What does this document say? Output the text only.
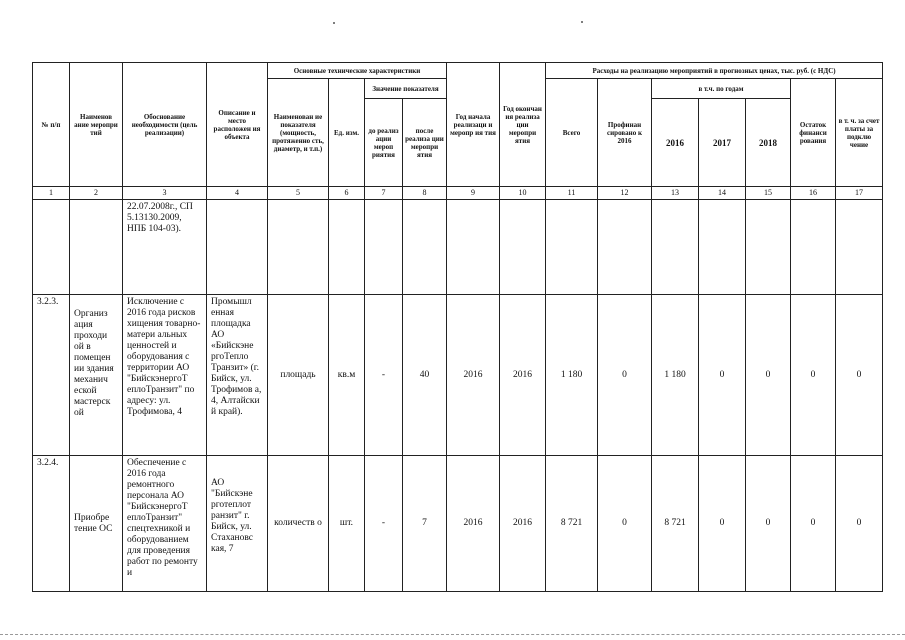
№ п/п	Наименов ание меропри тий	Обоснование необходимости (цель реализации)	Описание и место расположен ия объекта	Основные технические характеристики				Год начала реализаци и меропр ия тия	Год окончан ия реализа ции меропри ятия	Расходы на реализацию мероприятий в прогнозных ценах, тыс. руб. (с НДС)						
				Наименован ие показателя (мощность, протяженно сть, диаметр, и т.п.)	Ед. изм.	Значение показателя				Всего	Профинан сировано к 2016	в т.ч. по годам			Остаток финанси рования	в т. ч. за счет платы за подклю чение
						до реализ ации мероп риятия	после реализа ции меропри ятия					2016	2017	2018		
1	2	3	4	5	6	7	8	9	10	11	12	13	14	15	16	17
		22.07.2008г., СП 5.13130.2009, НПБ 104-03).														
3.2.3.	Организ ация проходи ой в помещен ии здания механич еской мастерск ой	Исключение с 2016 года рисков хищения товарно-матери альных ценностей и оборудования с территории АО "БийскэнергоТ еплоТранзит" по адресу: ул. Трофимова, 4	Промышл енная площадка АО «Бийскэне ргоТепло Транзит» (г. Бийск, ул. Трофимов а, 4, Алтайски й край).	площадь	кв.м	-	40	2016	2016	1 180	0	1 180	0	0	0	0
3.2.4.	Приобре тение ОС	Обеспечение с 2016 года ремонтного персонала АО "БийскэнергоТ еплоТранзит" спецтехникой и оборудованием для проведения работ по ремонту и	АО "Бийскэне рготеплот ранзит" г. Бийск, ул. Стахановс кая, 7	количеств о	шт.	-	7	2016	2016	8 721	0	8 721	0	0	0	0
